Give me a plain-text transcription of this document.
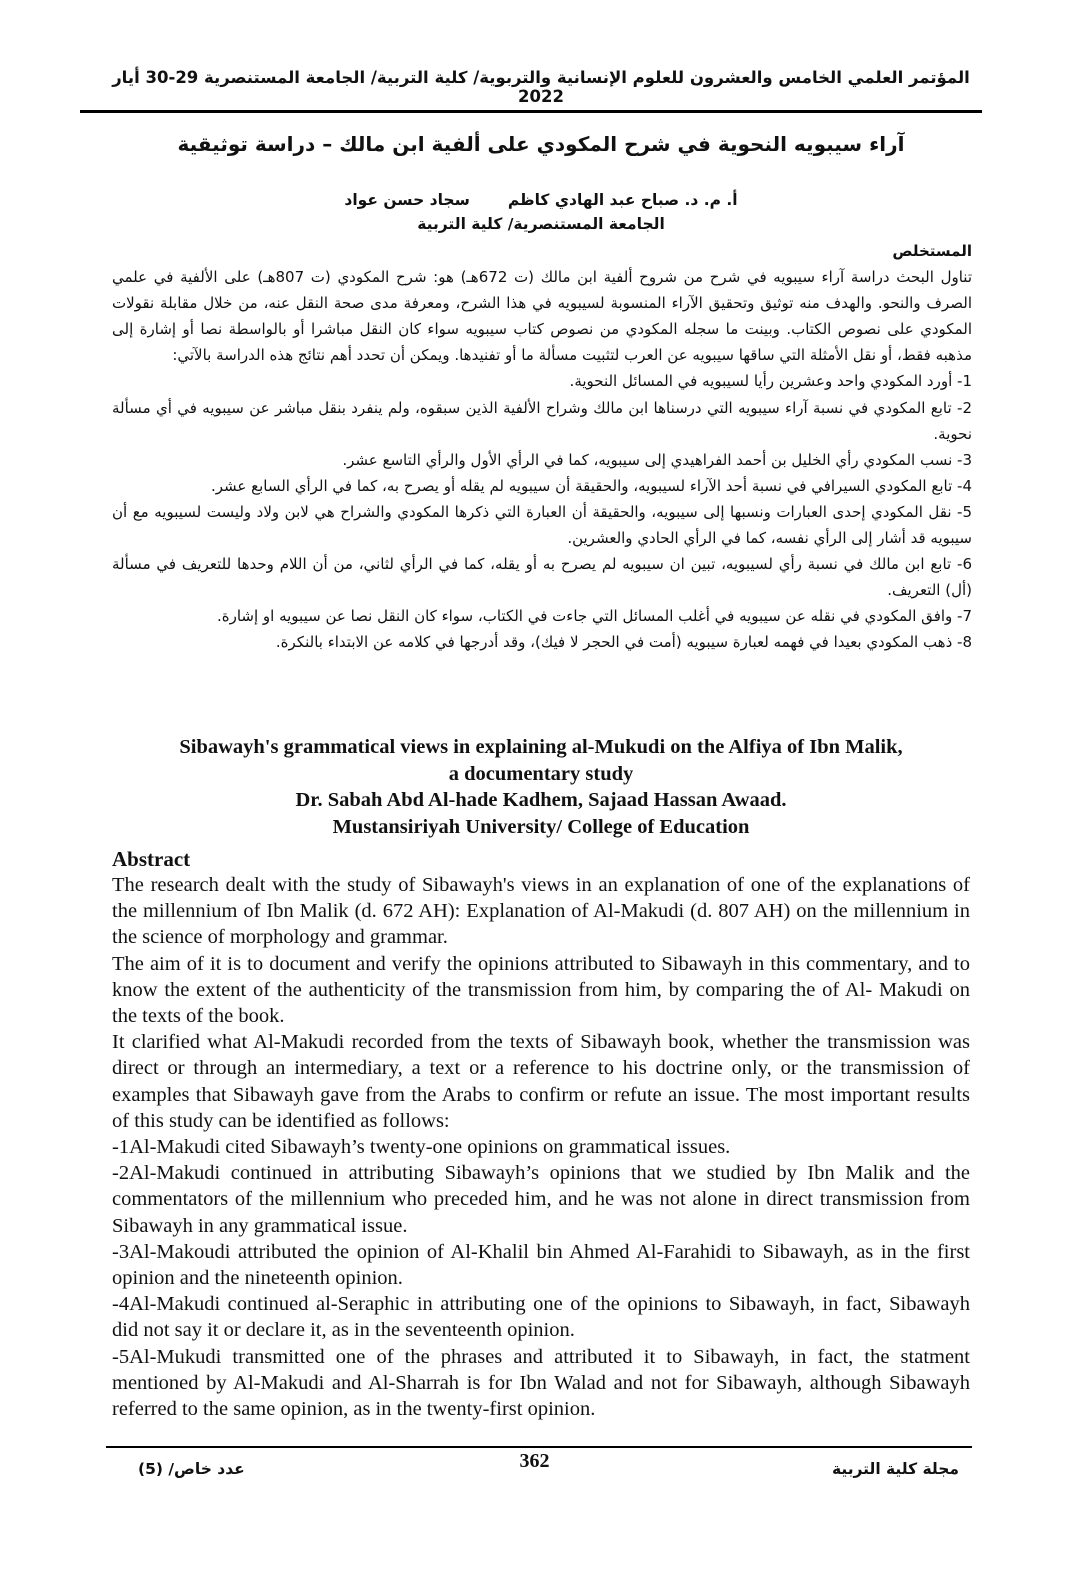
المؤتمر العلمي الخامس والعشرون للعلوم الإنسانية والتربوية/ كلية التربية/ الجامعة المستنصرية 29-30 أيار 2022
آراء سيبويه النحوية في شرح المكودي على ألفية ابن مالك – دراسة توثيقية
أ. م. د. صباح عبد الهادي كاظمسجاد حسن عواد
الجامعة المستنصرية/ كلية التربية
المستخلص

تناول البحث دراسة آراء سيبويه في شرح من شروح ألفية ابن مالك (ت 672هـ) هو: شرح المكودي (ت 807هـ) على الألفية في علمي الصرف والنحو. والهدف منه توثيق وتحقيق الآراء المنسوبة لسيبويه في هذا الشرح، ومعرفة مدى صحة النقل عنه، من خلال مقابلة نقولات المكودي على نصوص الكتاب. وبينت ما سجله المكودي من نصوص كتاب سيبويه سواء كان النقل مباشرا أو بالواسطة نصا أو إشارة إلى مذهبه فقط، أو نقل الأمثلة التي ساقها سيبويه عن العرب لتثبيت مسألة ما أو تفنيدها. ويمكن أن تحدد أهم نتائج هذه الدراسة بالآتي:

1- أورد المكودي واحد وعشرين رأيا لسيبويه في المسائل النحوية.

2- تابع المكودي في نسبة آراء سيبويه التي درسناها ابن مالك وشراح الألفية الذين سبقوه، ولم ينفرد بنقل مباشر عن سيبويه في أي مسألة نحوية.

3- نسب المكودي رأي الخليل بن أحمد الفراهيدي إلى سيبويه، كما في الرأي الأول والرأي التاسع عشر.

4- تابع المكودي السيرافي في نسبة أحد الآراء لسيبويه، والحقيقة أن سيبويه لم يقله أو يصرح به، كما في الرأي السابع عشر.

5- نقل المكودي إحدى العبارات ونسبها إلى سيبويه، والحقيقة أن العبارة التي ذكرها المكودي والشراح هي لابن ولاد وليست لسيبويه مع أن سيبويه قد أشار إلى الرأي نفسه، كما في الرأي الحادي والعشرين.

6- تابع ابن مالك في نسبة رأي لسيبويه، تبين ان سيبويه لم يصرح به أو يقله، كما في الرأي لثاني، من أن اللام وحدها للتعريف في مسألة (أل) التعريف.

7- وافق المكودي في نقله عن سيبويه في أغلب المسائل التي جاءت في الكتاب، سواء كان النقل نصا عن سيبويه او إشارة.

8- ذهب المكودي بعيدا في فهمه لعبارة سيبويه (أمت في الحجر لا فيك)، وقد أدرجها في كلامه عن الابتداء بالنكرة.

Sibawayh's grammatical views in explaining al-Mukudi on the Alfiya of Ibn Malik,
a documentary study
Dr. Sabah Abd Al-hade Kadhem, Sajaad Hassan Awaad.
Mustansiriyah University/ College of Education
Abstract

The research dealt with the study of Sibawayh's views in an explanation of one of the explanations of the millennium of Ibn Malik (d. 672 AH): Explanation of Al-Makudi (d. 807 AH) on the millennium in the science of morphology and grammar.

The aim of it is to document and verify the opinions attributed to Sibawayh in this commentary, and to know the extent of the authenticity of the transmission from him, by comparing the of Al- Makudi on the texts of the book.

It clarified what Al-Makudi recorded from the texts of Sibawayh book, whether the transmission was direct or through an intermediary, a text or a reference to his doctrine only, or the transmission of examples that Sibawayh gave from the Arabs to confirm or refute an issue. The most important results of this study can be identified as follows:

-1Al-Makudi cited Sibawayh’s twenty-one opinions on grammatical issues.

-2Al-Makudi continued in attributing Sibawayh’s opinions that we studied by Ibn Malik and the commentators of the millennium who preceded him, and he was not alone in direct transmission from Sibawayh in any grammatical issue.

-3Al-Makoudi attributed the opinion of Al-Khalil bin Ahmed Al-Farahidi to Sibawayh, as in the first opinion and the nineteenth opinion.

-4Al-Makudi continued al-Seraphic in attributing one of the opinions to Sibawayh, in fact, Sibawayh did not say it or declare it, as in the seventeenth opinion.

-5Al-Mukudi transmitted one of the phrases and attributed it to Sibawayh, in fact, the statment mentioned by Al-Makudi and Al-Sharrah is for Ibn Walad and not for Sibawayh, although Sibawayh referred to the same opinion, as in the twenty-first opinion.

مجلة كلية التربية
362
عدد خاص/ (5)
